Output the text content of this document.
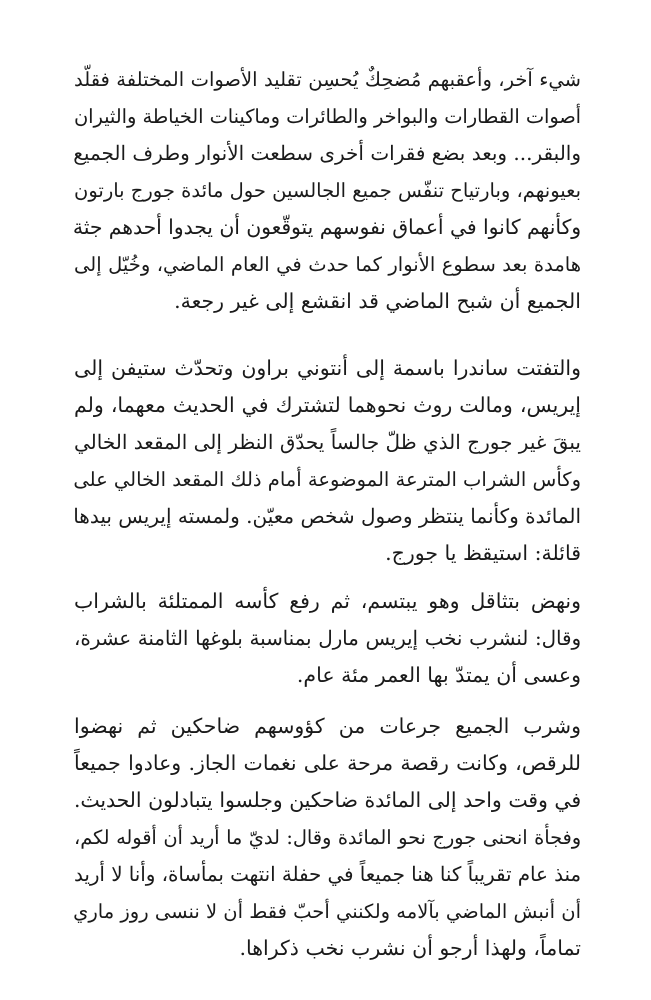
شيء آخر، وأعقبهم مُضحِكٌ يُحسِن تقليد الأصوات المختلفة فقلّد
أصوات القطارات والبواخر والطائرات وماكينات الخياطة والثيران
والبقر... وبعد بضع فقرات أخرى سطعت الأنوار وطرف الجميع
بعيونهم، وبارتياح تنفّس جميع الجالسين حول مائدة جورج بارتون
وكأنهم كانوا في أعماق نفوسهم يتوقّعون أن يجدوا أحدهم جثة
هامدة بعد سطوع الأنوار كما حدث في العام الماضي، وخُيّل إلى
الجميع أن شبح الماضي قد انقشع إلى غير رجعة.
والتفتت ساندرا باسمة إلى أنتوني براون وتحدّث ستيفن إلى
إيريس، ومالت روث نحوهما لتشترك في الحديث معهما، ولم
يبقَ غير جورج الذي ظلّ جالساً يحدّق النظر إلى المقعد الخالي
وكأس الشراب المترعة الموضوعة أمام ذلك المقعد الخالي على
المائدة وكأنما ينتظر وصول شخص معيّن. ولمسته إيريس بيدها
قائلة: استيقظ يا جورج.
ونهض بتثاقل وهو يبتسم، ثم رفع كأسه الممتلئة بالشراب
وقال: لنشرب نخب إيريس مارل بمناسبة بلوغها الثامنة عشرة،
وعسى أن يمتدّ بها العمر مئة عام.
وشرب الجميع جرعات من كؤوسهم ضاحكين ثم نهضوا
للرقص، وكانت رقصة مرحة على نغمات الجاز. وعادوا جميعاً
في وقت واحد إلى المائدة ضاحكين وجلسوا يتبادلون الحديث.
وفجأة انحنى جورج نحو المائدة وقال: لديّ ما أريد أن أقوله لكم،
منذ عام تقريباً كنا هنا جميعاً في حفلة انتهت بمأساة، وأنا لا أريد
أن أنبش الماضي بآلامه ولكنني أحبّ فقط أن لا ننسى روز ماري
تماماً، ولهذا أرجو أن نشرب نخب ذكراها.
